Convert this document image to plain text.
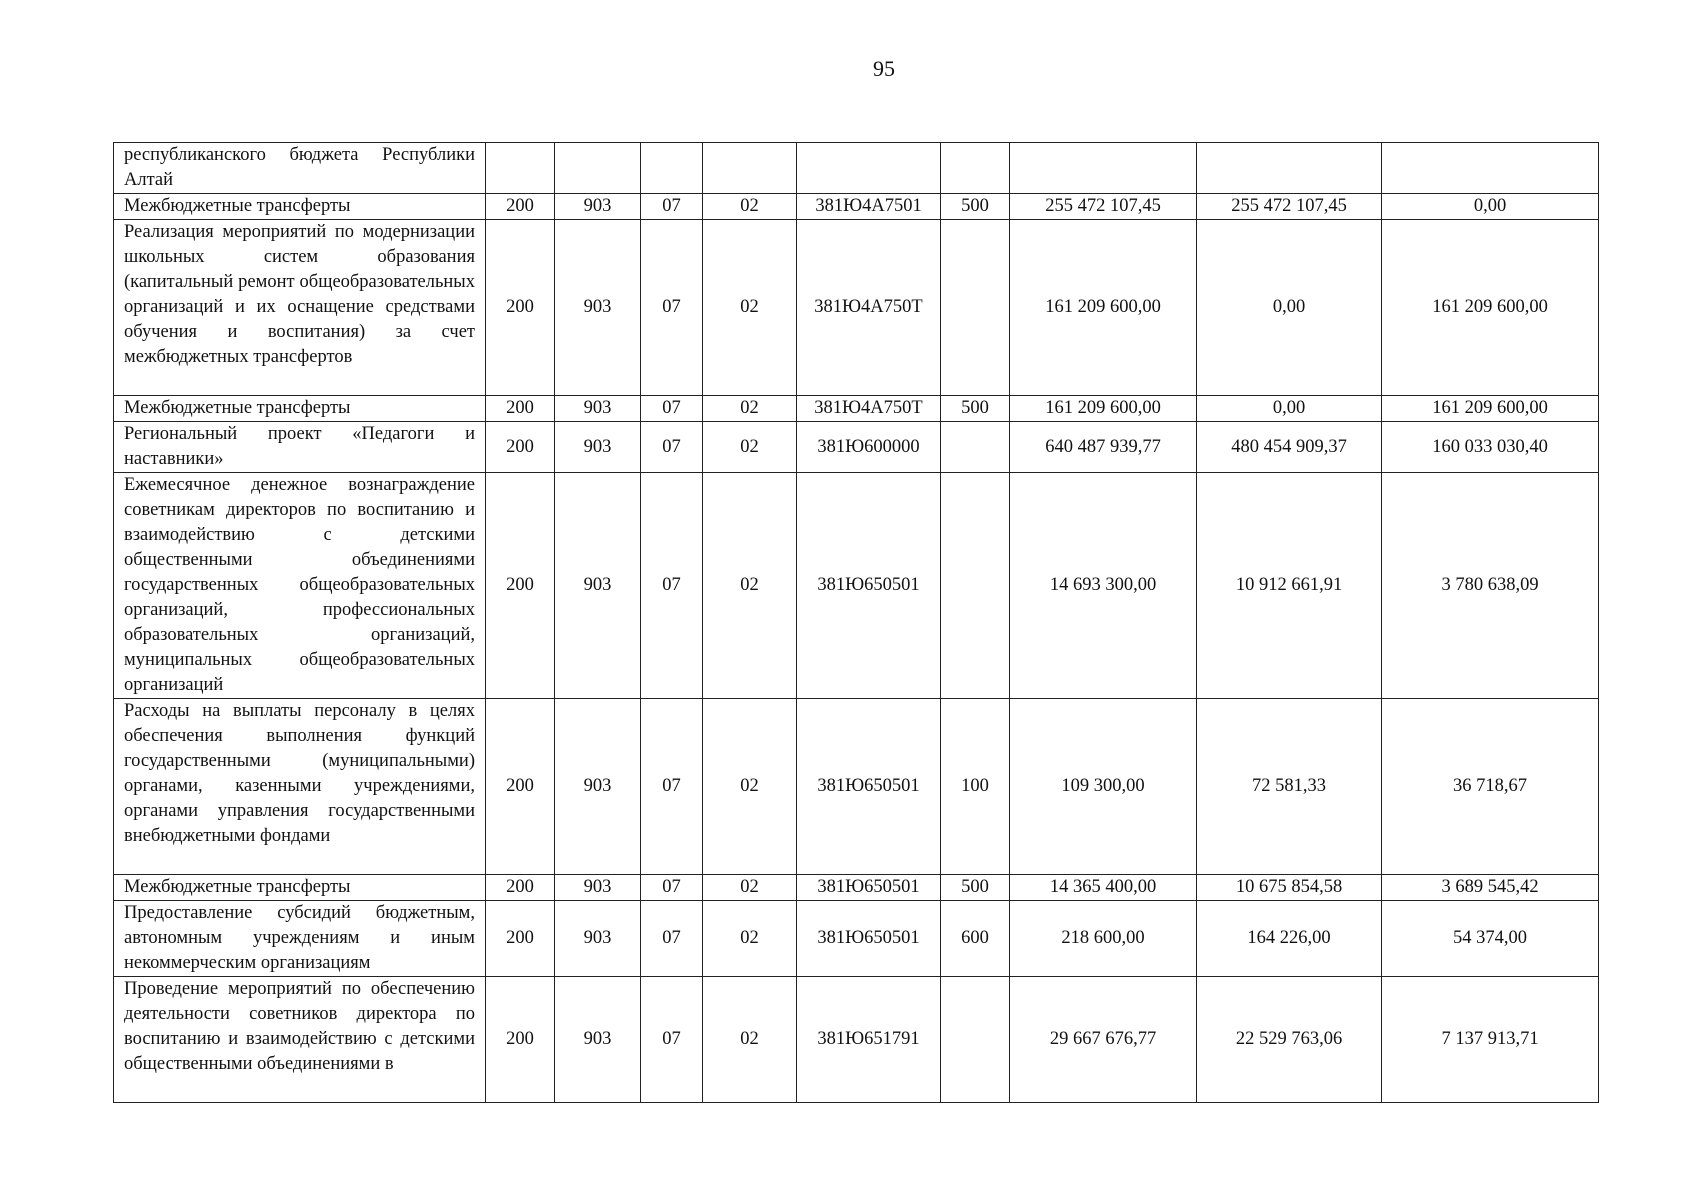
95
республиканского бюджета Республики Алтай									
Межбюджетные трансферты	200	903	07	02	381Ю4А7501	500	255 472 107,45	255 472 107,45	0,00
Реализация мероприятий по модернизации школьных систем образования (капитальный ремонт общеобразовательных организаций и их оснащение средствами обучения и воспитания) за счет межбюджетных трансфертов	200	903	07	02	381Ю4А750Т		161 209 600,00	0,00	161 209 600,00
Межбюджетные трансферты	200	903	07	02	381Ю4А750Т	500	161 209 600,00	0,00	161 209 600,00
Региональный проект «Педагоги и наставники»	200	903	07	02	381Ю600000		640 487 939,77	480 454 909,37	160 033 030,40
Ежемесячное денежное вознаграждение советникам директоров по воспитанию и взаимодействию с детскими общественными объединениями государственных общеобразовательных организаций, профессиональных образовательных организаций, муниципальных общеобразовательных организаций	200	903	07	02	381Ю650501		14 693 300,00	10 912 661,91	3 780 638,09
Расходы на выплаты персоналу в целях обеспечения выполнения функций государственными (муниципальными) органами, казенными учреждениями, органами управления государственными внебюджетными фондами	200	903	07	02	381Ю650501	100	109 300,00	72 581,33	36 718,67
Межбюджетные трансферты	200	903	07	02	381Ю650501	500	14 365 400,00	10 675 854,58	3 689 545,42
Предоставление субсидий бюджетным, автономным учреждениям и иным некоммерческим организациям	200	903	07	02	381Ю650501	600	218 600,00	164 226,00	54 374,00
Проведение мероприятий по обеспечению деятельности советников директора по воспитанию и взаимодействию с детскими общественными объединениями в	200	903	07	02	381Ю651791		29 667 676,77	22 529 763,06	7 137 913,71
